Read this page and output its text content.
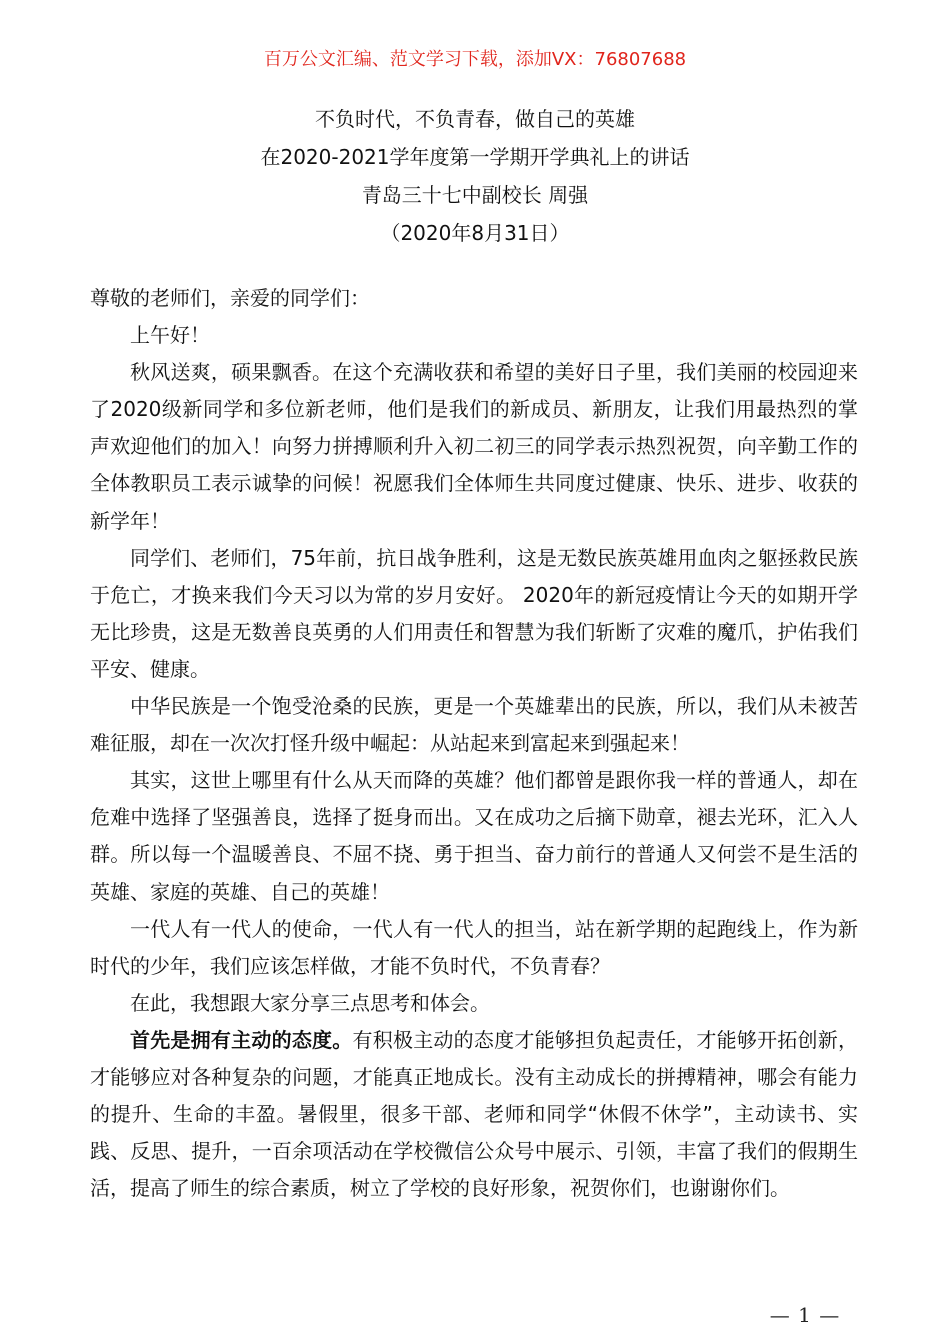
百万公文汇编、范文学习下载，添加VX：76807688
不负时代，不负青春，做自己的英雄
在2020-2021学年度第一学期开学典礼上的讲话
青岛三十七中副校长 周强
（2020年8月31日）

尊敬的老师们，亲爱的同学们：

上午好！

秋风送爽，硕果飘香。在这个充满收获和希望的美好日子里，我们美丽的校园迎来了2020级新同学和多位新老师，他们是我们的新成员、新朋友，让我们用最热烈的掌声欢迎他们的加入！向努力拼搏顺利升入初二初三的同学表示热烈祝贺，向辛勤工作的全体教职员工表示诚挚的问候！祝愿我们全体师生共同度过健康、快乐、进步、收获的新学年！

同学们、老师们，75年前，抗日战争胜利，这是无数民族英雄用血肉之躯拯救民族于危亡，才换来我们今天习以为常的岁月安好。 2020年的新冠疫情让今天的如期开学无比珍贵，这是无数善良英勇的人们用责任和智慧为我们斩断了灾难的魔爪，护佑我们平安、健康。

中华民族是一个饱受沧桑的民族，更是一个英雄辈出的民族，所以，我们从未被苦难征服，却在一次次打怪升级中崛起：从站起来到富起来到强起来！

其实，这世上哪里有什么从天而降的英雄？他们都曾是跟你我一样的普通人，却在危难中选择了坚强善良，选择了挺身而出。又在成功之后摘下勋章，褪去光环，汇入人群。所以每一个温暖善良、不屈不挠、勇于担当、奋力前行的普通人又何尝不是生活的英雄、家庭的英雄、自己的英雄！

一代人有一代人的使命，一代人有一代人的担当，站在新学期的起跑线上，作为新时代的少年，我们应该怎样做，才能不负时代，不负青春？

在此，我想跟大家分享三点思考和体会。

首先是拥有主动的态度。有积极主动的态度才能够担负起责任，才能够开拓创新，才能够应对各种复杂的问题，才能真正地成长。没有主动成长的拼搏精神，哪会有能力的提升、生命的丰盈。暑假里，很多干部、老师和同学“休假不休学”，主动读书、实践、反思、提升，一百余项活动在学校微信公众号中展示、引领，丰富了我们的假期生活，提高了师生的综合素质，树立了学校的良好形象，祝贺你们，也谢谢你们。

— 1 —
